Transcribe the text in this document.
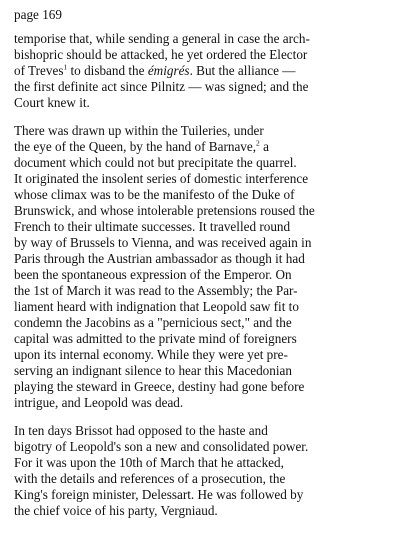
page 169
temporise that, while sending a general in case the arch-
bishopric should be attacked, he yet ordered the Elector
of Treves$^1$ to disband the émigrés. But the alliance —
the first definite act since Pilnitz — was signed; and the
Court knew it.
There was drawn up within the Tuileries, under
the eye of the Queen, by the hand of Barnave,$^2$ a
document which could not but precipitate the quarrel.
It originated the insolent series of domestic interference
whose climax was to be the manifesto of the Duke of
Brunswick, and whose intolerable pretensions roused the
French to their ultimate successes. It travelled round
by way of Brussels to Vienna, and was received again in
Paris through the Austrian ambassador as though it had
been the spontaneous expression of the Emperor. On
the 1st of March it was read to the Assembly; the Par-
liament heard with indignation that Leopold saw fit to
condemn the Jacobins as a "pernicious sect," and the
capital was admitted to the private mind of foreigners
upon its internal economy. While they were yet pre-
serving an indignant silence to hear this Macedonian
playing the steward in Greece, destiny had gone before
intrigue, and Leopold was dead.
In ten days Brissot had opposed to the haste and
bigotry of Leopold's son a new and consolidated power.
For it was upon the 10th of March that he attacked,
with the details and references of a prosecution, the
King's foreign minister, Delessart. He was followed by
the chief voice of his party, Vergniaud.
